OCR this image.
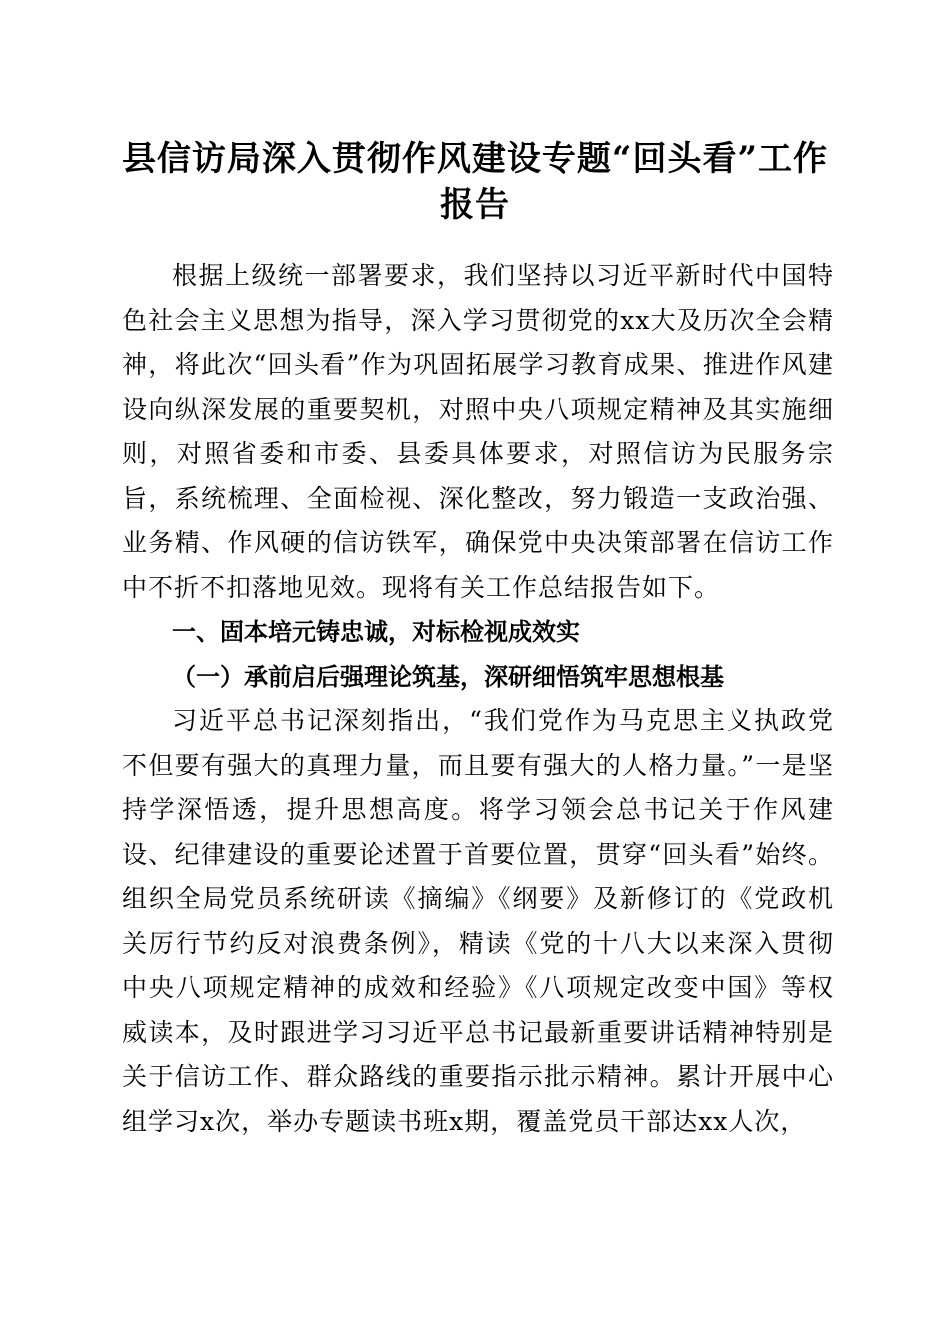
县信访局深入贯彻作风建设专题“回头看”工作报告

根据上级统一部署要求，我们坚持以习近平新时代中国特色社会主义思想为指导，深入学习贯彻党的xx大及历次全会精神，将此次“回头看”作为巩固拓展学习教育成果、推进作风建设向纵深发展的重要契机，对照中央八项规定精神及其实施细则，对照省委和市委、县委具体要求，对照信访为民服务宗旨，系统梳理、全面检视、深化整改，努力锻造一支政治强、业务精、作风硬的信访铁军，确保党中央决策部署在信访工作中不折不扣落地见效。现将有关工作总结报告如下。

一、固本培元铸忠诚，对标检视成效实

（一）承前启后强理论筑基，深研细悟筑牢思想根基

习近平总书记深刻指出，“我们党作为马克思主义执政党不但要有强大的真理力量，而且要有强大的人格力量。”一是坚持学深悟透，提升思想高度。将学习领会总书记关于作风建设、纪律建设的重要论述置于首要位置，贯穿“回头看”始终。组织全局党员系统研读《摘编》《纲要》及新修订的《党政机关厉行节约反对浪费条例》，精读《党的十八大以来深入贯彻中央八项规定精神的成效和经验》《八项规定改变中国》等权威读本，及时跟进学习习近平总书记最新重要讲话精神特别是关于信访工作、群众路线的重要指示批示精神。累计开展中心组学习x次，举办专题读书班x期，覆盖党员干部达xx人次，
